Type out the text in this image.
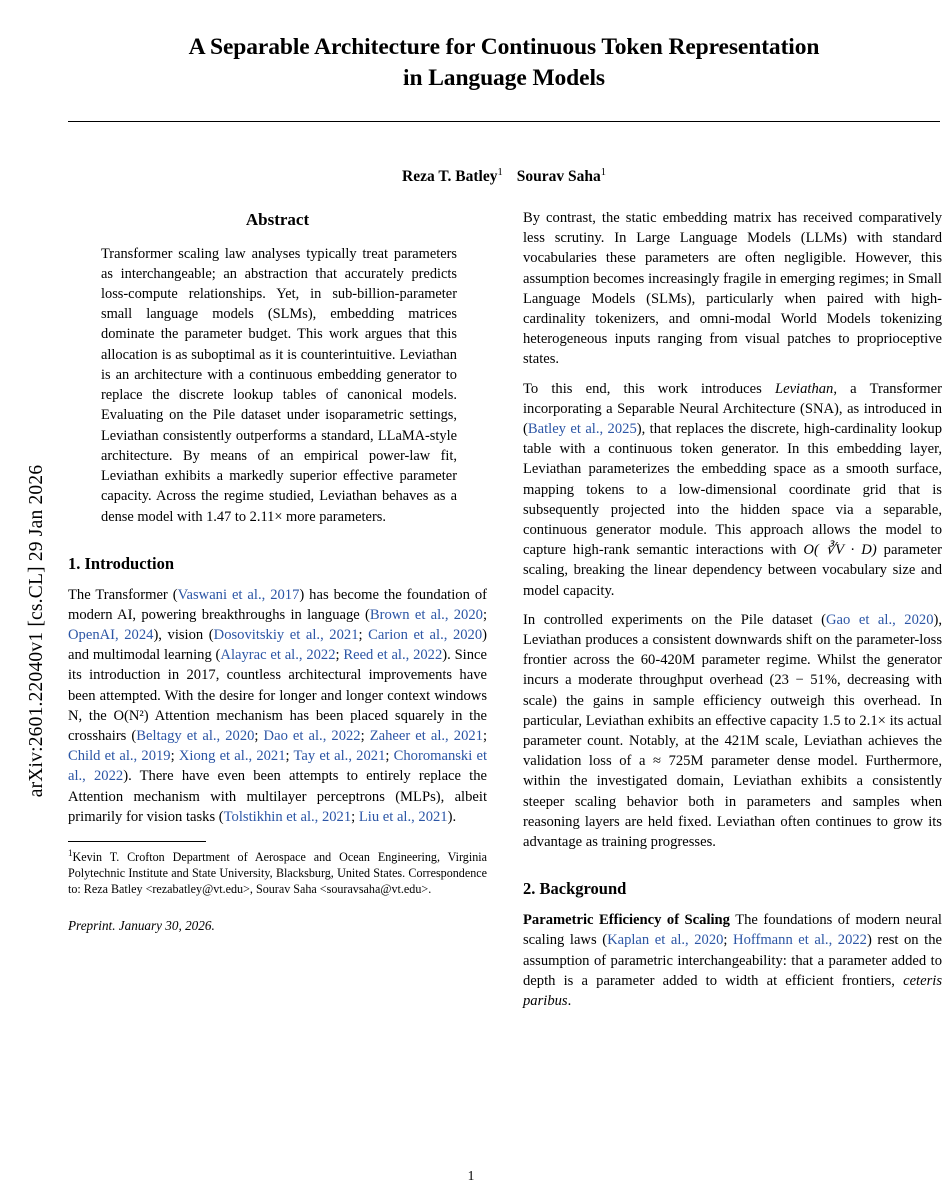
arXiv:2601.22040v1 [cs.CL] 29 Jan 2026
A Separable Architecture for Continuous Token Representation
in Language Models
Reza T. Batley$^1$ Sourav Saha$^1$
Abstract
Transformer scaling law analyses typically treat parameters as interchangeable; an abstraction that accurately predicts loss-compute relationships. Yet, in sub-billion-parameter small language models (SLMs), embedding matrices dominate the parameter budget. This work argues that this allocation is as suboptimal as it is counterintuitive. Leviathan is an architecture with a continuous embedding generator to replace the discrete lookup tables of canonical models. Evaluating on the Pile dataset under isoparametric settings, Leviathan consistently outperforms a standard, LLaMA-style architecture. By means of an empirical power-law fit, Leviathan exhibits a markedly superior effective parameter capacity. Across the regime studied, Leviathan behaves as a dense model with 1.47 to 2.11× more parameters.
1. Introduction

The Transformer (Vaswani et al., 2017) has become the foundation of modern AI, powering breakthroughs in language (Brown et al., 2020; OpenAI, 2024), vision (Dosovitskiy et al., 2021; Carion et al., 2020) and multimodal learning (Alayrac et al., 2022; Reed et al., 2022). Since its introduction in 2017, countless architectural improvements have been attempted. With the desire for longer and longer context windows N, the O(N²) Attention mechanism has been placed squarely in the crosshairs (Beltagy et al., 2020; Dao et al., 2022; Zaheer et al., 2021; Child et al., 2019; Xiong et al., 2021; Tay et al., 2021; Choromanski et al., 2022). There have even been attempts to entirely replace the Attention mechanism with multilayer perceptrons (MLPs), albeit primarily for vision tasks (Tolstikhin et al., 2021; Liu et al., 2021).

$^1$Kevin T. Crofton Department of Aerospace and Ocean Engineering, Virginia Polytechnic Institute and State University, Blacksburg, United States. Correspondence to: Reza Batley <rezabatley@vt.edu>, Sourav Saha <souravsaha@vt.edu>.

Preprint. January 30, 2026.

By contrast, the static embedding matrix has received comparatively less scrutiny. In Large Language Models (LLMs) with standard vocabularies these parameters are often negligible. However, this assumption becomes increasingly fragile in emerging regimes; in Small Language Models (SLMs), particularly when paired with high-cardinality tokenizers, and omni-modal World Models tokenizing heterogeneous inputs ranging from visual patches to proprioceptive states.

To this end, this work introduces Leviathan, a Transformer incorporating a Separable Neural Architecture (SNA), as introduced in (Batley et al., 2025), that replaces the discrete, high-cardinality lookup table with a continuous token generator. In this embedding layer, Leviathan parameterizes the embedding space as a smooth surface, mapping tokens to a low-dimensional coordinate grid that is subsequently projected into the hidden space via a separable, continuous generator module. This approach allows the model to capture high-rank semantic interactions with O( ∛V · D) parameter scaling, breaking the linear dependency between vocabulary size and model capacity.

In controlled experiments on the Pile dataset (Gao et al., 2020), Leviathan produces a consistent downwards shift on the parameter-loss frontier across the 60-420M parameter regime. Whilst the generator incurs a moderate throughput overhead (23 − 51%, decreasing with scale) the gains in sample efficiency outweigh this overhead. In particular, Leviathan exhibits an effective capacity 1.5 to 2.1× its actual parameter count. Notably, at the 421M scale, Leviathan achieves the validation loss of a ≈ 725M parameter dense model. Furthermore, within the investigated domain, Leviathan exhibits a consistently steeper scaling behavior both in parameters and samples when reasoning layers are held fixed. Leviathan often continues to grow its advantage as training progresses.

2. Background

Parametric Efficiency of Scaling The foundations of modern neural scaling laws (Kaplan et al., 2020; Hoffmann et al., 2022) rest on the assumption of parametric interchangeability: that a parameter added to depth is a parameter added to width at efficient frontiers, ceteris paribus.

1
